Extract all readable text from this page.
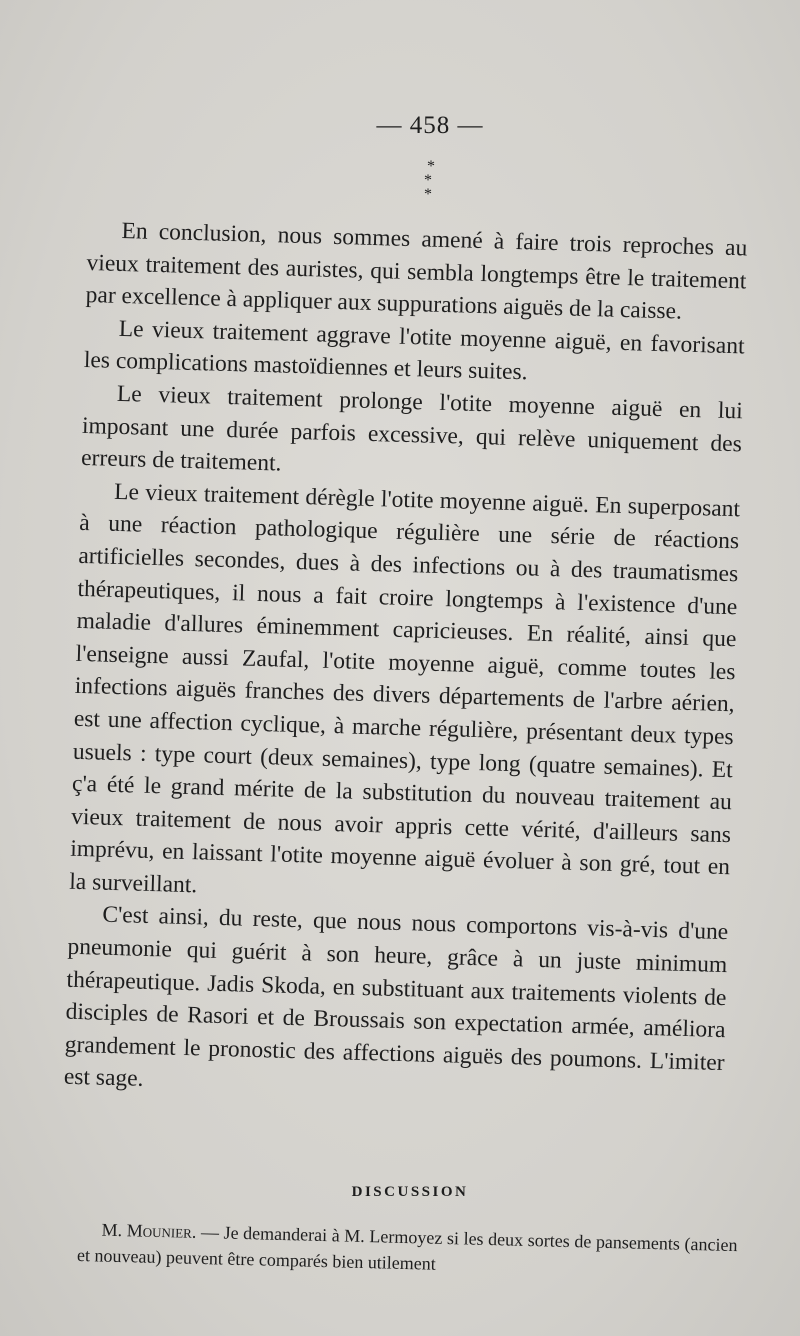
— 458 —
*
* *

En conclusion, nous sommes amené à faire trois reproches au vieux traitement des auristes, qui sembla longtemps être le traitement par excellence à appliquer aux suppurations aiguës de la caisse.

Le vieux traitement aggrave l'otite moyenne aiguë, en favorisant les complications mastoïdiennes et leurs suites.

Le vieux traitement prolonge l'otite moyenne aiguë en lui imposant une durée parfois excessive, qui relève uniquement des erreurs de traitement.

Le vieux traitement dérègle l'otite moyenne aiguë. En superposant à une réaction pathologique régulière une série de réactions artificielles secondes, dues à des infections ou à des traumatismes thérapeutiques, il nous a fait croire longtemps à l'existence d'une maladie d'allures éminemment capricieuses. En réalité, ainsi que l'enseigne aussi Zaufal, l'otite moyenne aiguë, comme toutes les infections aiguës franches des divers départements de l'arbre aérien, est une affection cyclique, à marche régulière, présentant deux types usuels : type court (deux semaines), type long (quatre semaines). Et ç'a été le grand mérite de la substitution du nouveau traitement au vieux traitement de nous avoir appris cette vérité, d'ailleurs sans imprévu, en laissant l'otite moyenne aiguë évoluer à son gré, tout en la surveillant.

C'est ainsi, du reste, que nous nous comportons vis-à-vis d'une pneumonie qui guérit à son heure, grâce à un juste minimum thérapeutique. Jadis Skoda, en substituant aux traitements violents de disciples de Rasori et de Broussais son expectation armée, améliora grandement le pronostic des affections aiguës des poumons. L'imiter est sage.

DISCUSSION

M. Mounier. — Je demanderai à M. Lermoyez si les deux sortes de pansements (ancien et nouveau) peuvent être comparés bien utilement
